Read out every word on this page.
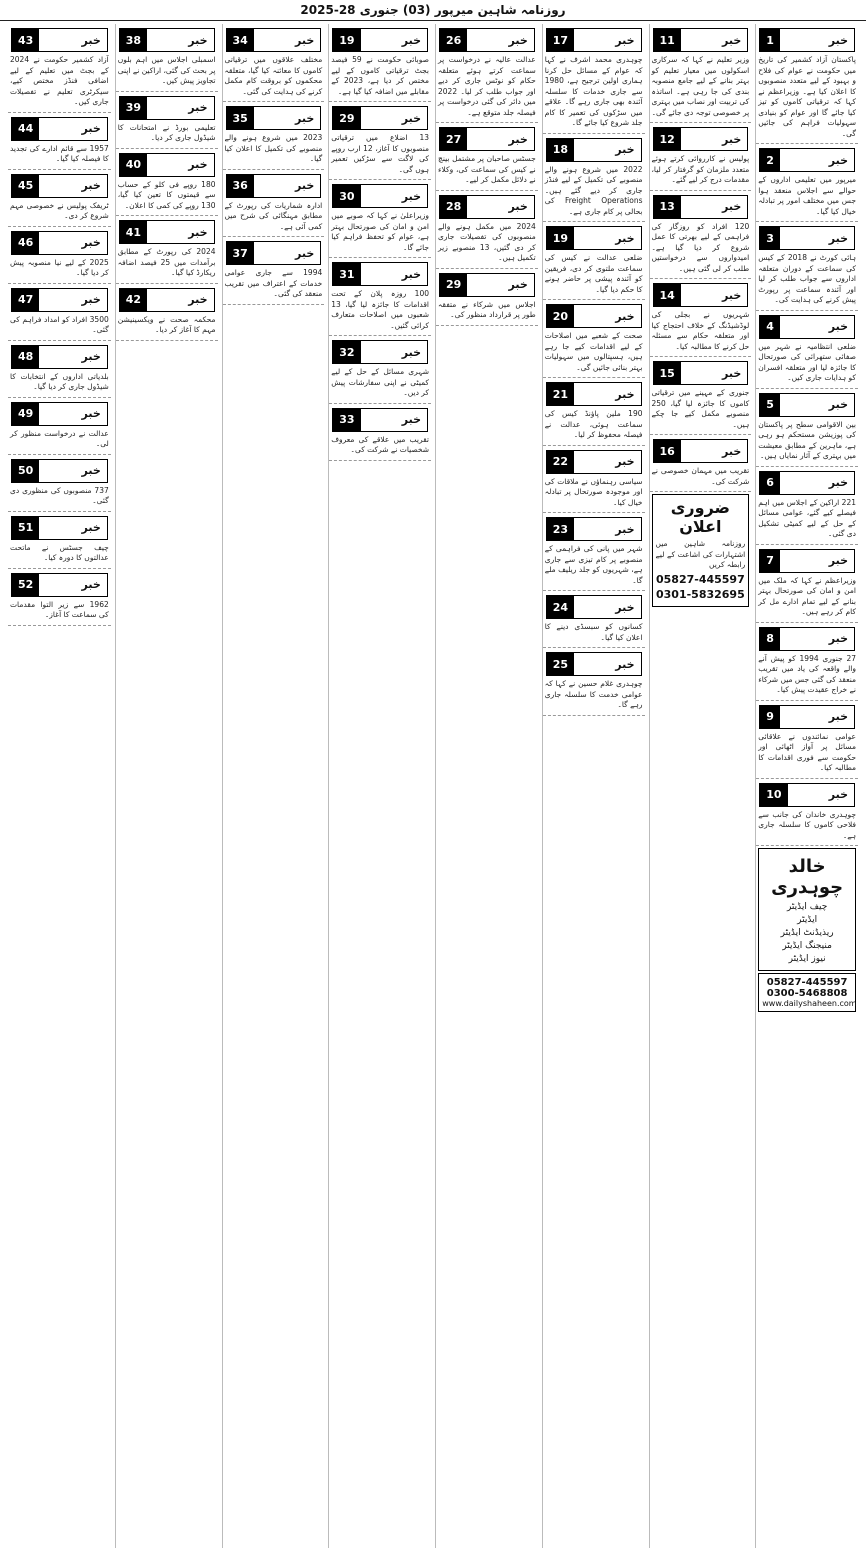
روزنامہ شاہین میرپور (03) جنوری 28-2025
خبر
1
پاکستان آزاد کشمیر کی تاریخ میں حکومت نے عوام کی فلاح و بہبود کے لیے متعدد منصوبوں کا اعلان کیا ہے۔ وزیراعظم نے کہا کہ ترقیاتی کاموں کو تیز کیا جائے گا اور عوام کو بنیادی سہولیات فراہم کی جائیں گی۔
خبر
2
میرپور میں تعلیمی اداروں کے حوالے سے اجلاس منعقد ہوا جس میں مختلف امور پر تبادلہ خیال کیا گیا۔
خبر
3
ہائی کورٹ نے 2018 کے کیس کی سماعت کے دوران متعلقہ اداروں سے جواب طلب کر لیا اور آئندہ سماعت پر رپورٹ پیش کرنے کی ہدایت کی۔
خبر
4
ضلعی انتظامیہ نے شہر میں صفائی ستھرائی کی صورتحال کا جائزہ لیا اور متعلقہ افسران کو ہدایات جاری کیں۔
خبر
5
بین الاقوامی سطح پر پاکستان کی پوزیشن مستحکم ہو رہی ہے، ماہرین کے مطابق معیشت میں بہتری کے آثار نمایاں ہیں۔
خبر
6
221 اراکین کے اجلاس میں اہم فیصلے کیے گئے، عوامی مسائل کے حل کے لیے کمیٹی تشکیل دی گئی۔
خبر
7
وزیراعظم نے کہا کہ ملک میں امن و امان کی صورتحال بہتر بنانے کے لیے تمام ادارے مل کر کام کر رہے ہیں۔
خبر
8
27 جنوری 1994 کو پیش آنے والے واقعہ کی یاد میں تقریب منعقد کی گئی جس میں شرکاء نے خراج عقیدت پیش کیا۔
خبر
9
عوامی نمائندوں نے علاقائی مسائل پر آواز اٹھائی اور حکومت سے فوری اقدامات کا مطالبہ کیا۔
خبر
10
چوہدری خاندان کی جانب سے فلاحی کاموں کا سلسلہ جاری ہے۔
خالد چوہدری
چیف ایڈیٹر
ایڈیٹر
ریذیڈنٹ ایڈیٹر
منیجنگ ایڈیٹر
نیوز ایڈیٹر
05827-445597
0300-5468808
www.dailyshaheen.com
خبر
11
وزیر تعلیم نے کہا کہ سرکاری اسکولوں میں معیار تعلیم کو بہتر بنانے کے لیے جامع منصوبہ بندی کی جا رہی ہے۔ اساتذہ کی تربیت اور نصاب میں بہتری پر خصوصی توجہ دی جائے گی۔
خبر
12
پولیس نے کارروائی کرتے ہوئے متعدد ملزمان کو گرفتار کر لیا، مقدمات درج کر لیے گئے۔
خبر
13
120 افراد کو روزگار کی فراہمی کے لیے بھرتی کا عمل شروع کر دیا گیا ہے۔ امیدواروں سے درخواستیں طلب کر لی گئی ہیں۔
خبر
14
شہریوں نے بجلی کی لوڈشیڈنگ کے خلاف احتجاج کیا اور متعلقہ حکام سے مسئلہ حل کرنے کا مطالبہ کیا۔
خبر
15
جنوری کے مہینے میں ترقیاتی کاموں کا جائزہ لیا گیا، 250 منصوبے مکمل کیے جا چکے ہیں۔
خبر
16
تقریب میں مہمان خصوصی نے شرکت کی۔
ضروری اعلان
روزنامہ شاہین میں اشتہارات کی اشاعت کے لیے رابطہ کریں
05827-445597
0301-5832695
خبر
17
چوہدری محمد اشرف نے کہا کہ عوام کے مسائل حل کرنا ہماری اولین ترجیح ہے، 1980 سے جاری خدمات کا سلسلہ آئندہ بھی جاری رہے گا۔ علاقے میں سڑکوں کی تعمیر کا کام جلد شروع کیا جائے گا۔
خبر
18
2022 میں شروع ہونے والے منصوبے کی تکمیل کے لیے فنڈز جاری کر دیے گئے ہیں۔ Freight Operations کی بحالی پر کام جاری ہے۔
خبر
19
ضلعی عدالت نے کیس کی سماعت ملتوی کر دی، فریقین کو آئندہ پیشی پر حاضر ہونے کا حکم دیا گیا۔
خبر
20
صحت کے شعبے میں اصلاحات کے لیے اقدامات کیے جا رہے ہیں، ہسپتالوں میں سہولیات بہتر بنائی جائیں گی۔
خبر
21
190 ملین پاؤنڈ کیس کی سماعت ہوئی، عدالت نے فیصلہ محفوظ کر لیا۔
خبر
22
سیاسی رہنماؤں نے ملاقات کی اور موجودہ صورتحال پر تبادلہ خیال کیا۔
خبر
23
شہر میں پانی کی فراہمی کے منصوبے پر کام تیزی سے جاری ہے، شہریوں کو جلد ریلیف ملے گا۔
خبر
24
کسانوں کو سبسڈی دینے کا اعلان کیا گیا۔
خبر
25
چوہدری غلام حسین نے کہا کہ عوامی خدمت کا سلسلہ جاری رہے گا۔
خبر
26
عدالت عالیہ نے درخواست پر سماعت کرتے ہوئے متعلقہ حکام کو نوٹس جاری کر دیے اور جواب طلب کر لیا۔ 2022 میں دائر کی گئی درخواست پر فیصلہ جلد متوقع ہے۔
خبر
27
جسٹس صاحبان پر مشتمل بینچ نے کیس کی سماعت کی، وکلاء نے دلائل مکمل کر لیے۔
خبر
28
2024 میں مکمل ہونے والے منصوبوں کی تفصیلات جاری کر دی گئیں، 13 منصوبے زیر تکمیل ہیں۔
خبر
29
اجلاس میں شرکاء نے متفقہ طور پر قرارداد منظور کی۔
خبر
19
صوبائی حکومت نے 59 فیصد بجٹ ترقیاتی کاموں کے لیے مختص کر دیا ہے، 2023 کے مقابلے میں اضافہ کیا گیا ہے۔
خبر
29
13 اضلاع میں ترقیاتی منصوبوں کا آغاز، 12 ارب روپے کی لاگت سے سڑکیں تعمیر ہوں گی۔
خبر
30
وزیراعلیٰ نے کہا کہ صوبے میں امن و امان کی صورتحال بہتر ہے، عوام کو تحفظ فراہم کیا جائے گا۔
خبر
31
100 روزہ پلان کے تحت اقدامات کا جائزہ لیا گیا، 13 شعبوں میں اصلاحات متعارف کرائی گئیں۔
خبر
32
شہری مسائل کے حل کے لیے کمیٹی نے اپنی سفارشات پیش کر دیں۔
خبر
33
تقریب میں علاقے کی معروف شخصیات نے شرکت کی۔
خبر
34
مختلف علاقوں میں ترقیاتی کاموں کا معائنہ کیا گیا، متعلقہ محکموں کو بروقت کام مکمل کرنے کی ہدایت کی گئی۔
خبر
35
2023 میں شروع ہونے والے منصوبے کی تکمیل کا اعلان کیا گیا۔
خبر
36
ادارہ شماریات کی رپورٹ کے مطابق مہنگائی کی شرح میں کمی آئی ہے۔
خبر
37
1994 سے جاری عوامی خدمات کے اعتراف میں تقریب منعقد کی گئی۔
خبر
38
اسمبلی اجلاس میں اہم بلوں پر بحث کی گئی، اراکین نے اپنی تجاویز پیش کیں۔
خبر
39
تعلیمی بورڈ نے امتحانات کا شیڈول جاری کر دیا۔
خبر
40
180 روپے فی کلو کے حساب سے قیمتوں کا تعین کیا گیا، 130 روپے کی کمی کا اعلان۔
خبر
41
2024 کی رپورٹ کے مطابق برآمدات میں 25 فیصد اضافہ ریکارڈ کیا گیا۔
خبر
42
محکمہ صحت نے ویکسینیشن مہم کا آغاز کر دیا۔
خبر
43
آزاد کشمیر حکومت نے 2024 کے بجٹ میں تعلیم کے لیے اضافی فنڈز مختص کیے، سیکرٹری تعلیم نے تفصیلات جاری کیں۔
خبر
44
1957 سے قائم ادارے کی تجدید کا فیصلہ کیا گیا۔
خبر
45
ٹریفک پولیس نے خصوصی مہم شروع کر دی۔
خبر
46
2025 کے لیے نیا منصوبہ پیش کر دیا گیا۔
خبر
47
3500 افراد کو امداد فراہم کی گئی۔
خبر
48
بلدیاتی اداروں کے انتخابات کا شیڈول جاری کر دیا گیا۔
خبر
49
عدالت نے درخواست منظور کر لی۔
خبر
50
737 منصوبوں کی منظوری دی گئی۔
خبر
51
چیف جسٹس نے ماتحت عدالتوں کا دورہ کیا۔
خبر
52
1962 سے زیر التوا مقدمات کی سماعت کا آغاز۔
